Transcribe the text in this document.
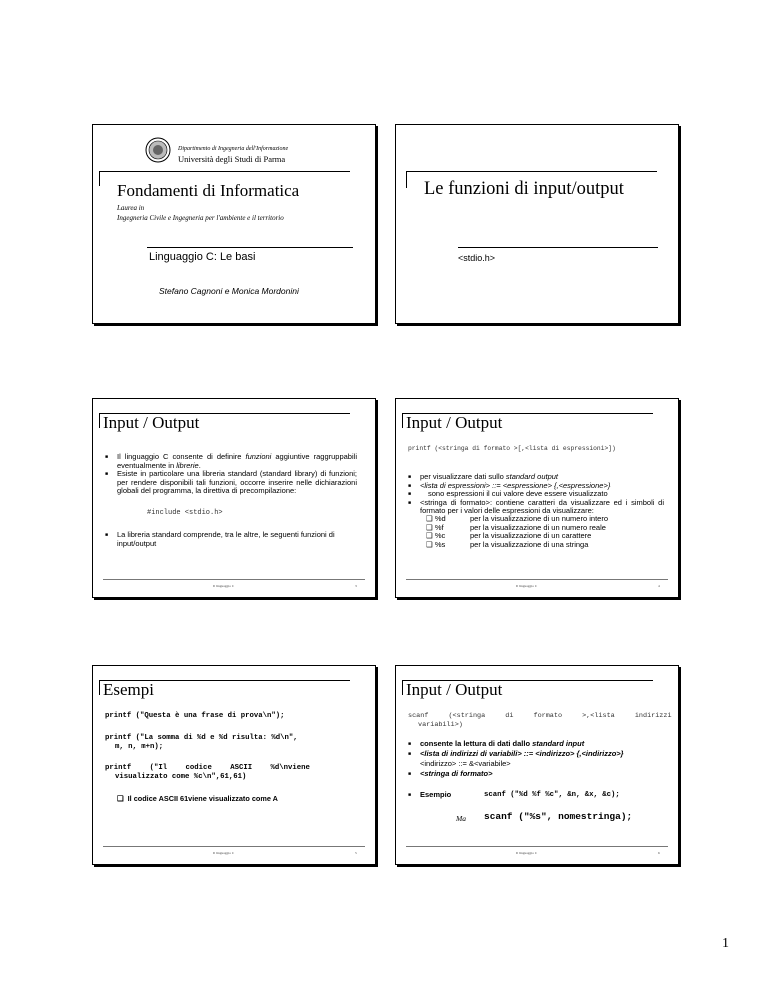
Dipartimento di Ingegneria dell'Informazione
Università degli Studi di Parma
Fondamenti di Informatica
Laurea in
Ingegneria Civile e Ingegneria per l'ambiente e il territorio
Linguaggio C: Le basi
Stefano Cagnoni e Monica Mordonini
Le funzioni di input/output
<stdio.h>
Input / Output
■ Il linguaggio C consente di definire funzioni aggiuntive raggruppabili eventualmente in librerie.
■ Esiste in particolare una libreria standard (standard library) di funzioni; per rendere disponibili tali funzioni, occorre inserire nelle dichiarazioni globali del programma, la direttiva di precompilazione:
#include <stdio.h>
■ La libreria standard comprende, tra le altre, le seguenti funzioni di input/output
Il linguaggio C	3
Input / Output
printf (<stringa di formato >[,<lista di espressioni>])
■ per visualizzare dati sullo standard output
■ <lista di espressioni> ::= <espressione> {,<espressione>}
■ sono espressioni il cui valore deve essere visualizzato
■ <stringa di formato>: contiene caratteri da visualizzare ed i simboli di formato per i valori delle espressioni da visualizzare:
❑ %d	per la visualizzazione di un numero intero
❑ %f	per la visualizzazione di un numero reale
❑ %c	per la visualizzazione di un carattere
❑ %s	per la visualizzazione di una stringa
Il linguaggio C	4
Esempi
printf ("Questa è una frase di prova\n");
printf ("La somma di %d e %d risulta: %d\n",
m, n, m+n);
printf ("Il codice ASCII %d\nviene
visualizzato come %c\n",61,61)
❑  Il codice ASCII 61viene visualizzato come A
Il linguaggio C	5
Input / Output
scanf (<stringa di formato >,<lista indirizzi
variabili>)
■ consente la lettura di dati dallo standard input
■ <lista di indirizzi di variabili> ::= <indirizzo> {,<indirizzo>}
<indirizzo> ::= &<variabile>
■ <stringa di formato>
■ Esempio	scanf ("%d %f %c", &n, &x, &c);
Ma scanf ("%s", nomestringa);
Il linguaggio C	6
1
